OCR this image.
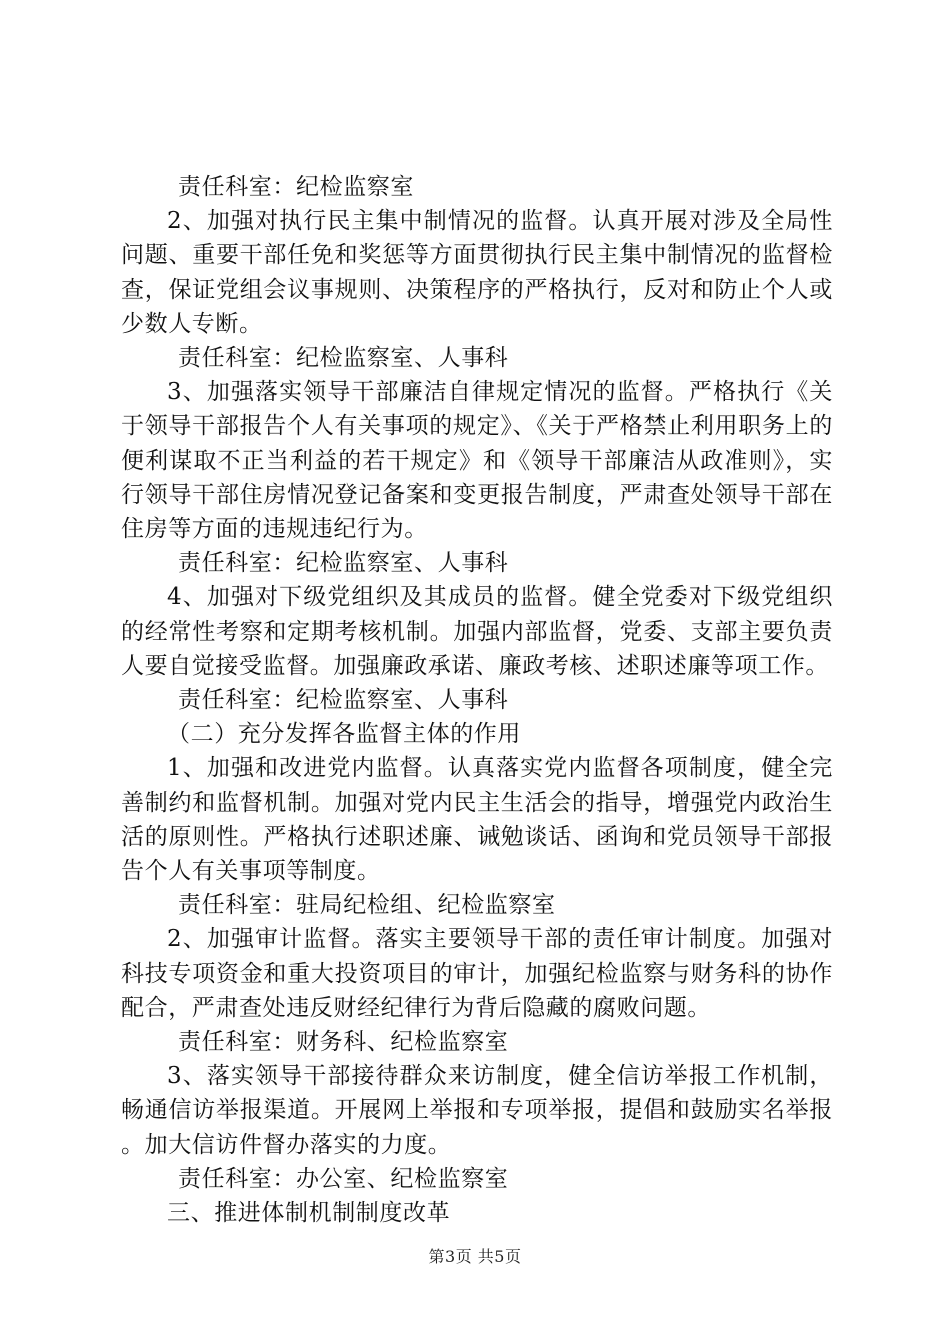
责任科室：纪检监察室

2、加强对执行民主集中制情况的监督。认真开展对涉及全局性问题、重要干部任免和奖惩等方面贯彻执行民主集中制情况的监督检查，保证党组会议事规则、决策程序的严格执行，反对和防止个人或少数人专断。

责任科室：纪检监察室、人事科

3、加强落实领导干部廉洁自律规定情况的监督。严格执行《关于领导干部报告个人有关事项的规定》、《关于严格禁止利用职务上的便利谋取不正当利益的若干规定》和《领导干部廉洁从政准则》，实行领导干部住房情况登记备案和变更报告制度，严肃查处领导干部在住房等方面的违规违纪行为。

责任科室：纪检监察室、人事科

4、加强对下级党组织及其成员的监督。健全党委对下级党组织的经常性考察和定期考核机制。加强内部监督，党委、支部主要负责人要自觉接受监督。加强廉政承诺、廉政考核、述职述廉等项工作。

责任科室：纪检监察室、人事科

（二）充分发挥各监督主体的作用

1、加强和改进党内监督。认真落实党内监督各项制度，健全完善制约和监督机制。加强对党内民主生活会的指导，增强党内政治生活的原则性。严格执行述职述廉、诫勉谈话、函询和党员领导干部报告个人有关事项等制度。

责任科室：驻局纪检组、纪检监察室

2、加强审计监督。落实主要领导干部的责任审计制度。加强对科技专项资金和重大投资项目的审计，加强纪检监察与财务科的协作配合，严肃查处违反财经纪律行为背后隐藏的腐败问题。

责任科室：财务科、纪检监察室

3、落实领导干部接待群众来访制度，健全信访举报工作机制，畅通信访举报渠道。开展网上举报和专项举报，提倡和鼓励实名举报。加大信访件督办落实的力度。

责任科室：办公室、纪检监察室

三、推进体制机制制度改革

第3页 共5页
